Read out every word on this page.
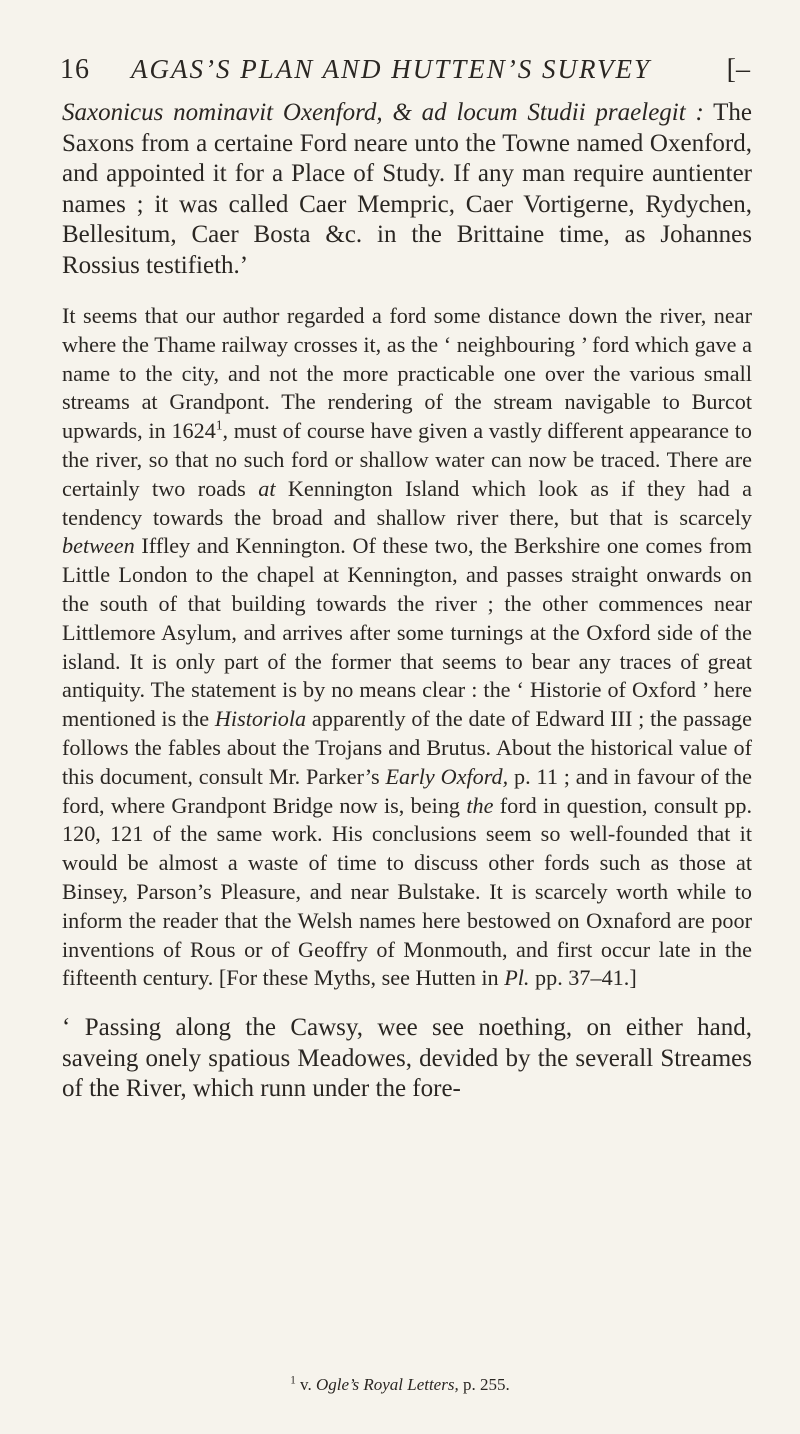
16	AGAS’S PLAN AND HUTTEN’S SURVEY	[–

Saxonicus nominavit Oxenford, & ad locum Studii praelegit : The Saxons from a certaine Ford neare unto the Towne named Oxenford, and appointed it for a Place of Study. If any man require auntienter names ; it was called Caer Mempric, Caer Vortigerne, Rydychen, Bellesitum, Caer Bosta &c. in the Brittaine time, as Johannes Rossius testifieth.’

It seems that our author regarded a ford some distance down the river, near where the Thame railway crosses it, as the ‘ neighbouring ’ ford which gave a name to the city, and not the more practicable one over the various small streams at Grandpont. The rendering of the stream navigable to Burcot upwards, in 1624$^1$, must of course have given a vastly different appearance to the river, so that no such ford or shallow water can now be traced. There are certainly two roads at Kennington Island which look as if they had a tendency towards the broad and shallow river there, but that is scarcely between Iffley and Kennington. Of these two, the Berkshire one comes from Little London to the chapel at Kennington, and passes straight onwards on the south of that building towards the river ; the other commences near Littlemore Asylum, and arrives after some turnings at the Oxford side of the island. It is only part of the former that seems to bear any traces of great antiquity. The statement is by no means clear : the ‘ Historie of Oxford ’ here mentioned is the Historiola apparently of the date of Edward III ; the passage follows the fables about the Trojans and Brutus. About the historical value of this document, consult Mr. Parker’s Early Oxford, p. 11 ; and in favour of the ford, where Grandpont Bridge now is, being the ford in question, consult pp. 120, 121 of the same work. His conclusions seem so well-founded that it would be almost a waste of time to discuss other fords such as those at Binsey, Parson’s Pleasure, and near Bulstake. It is scarcely worth while to inform the reader that the Welsh names here bestowed on Oxnaford are poor inventions of Rous or of Geoffry of Monmouth, and first occur late in the fifteenth century. [For these Myths, see Hutten in Pl. pp. 37–41.]

‘ Passing along the Cawsy, wee see noething, on either hand, saveing onely spatious Meadowes, devided by the severall Streames of the River, which runn under the fore-

$^1$ v. Ogle’s Royal Letters, p. 255.
